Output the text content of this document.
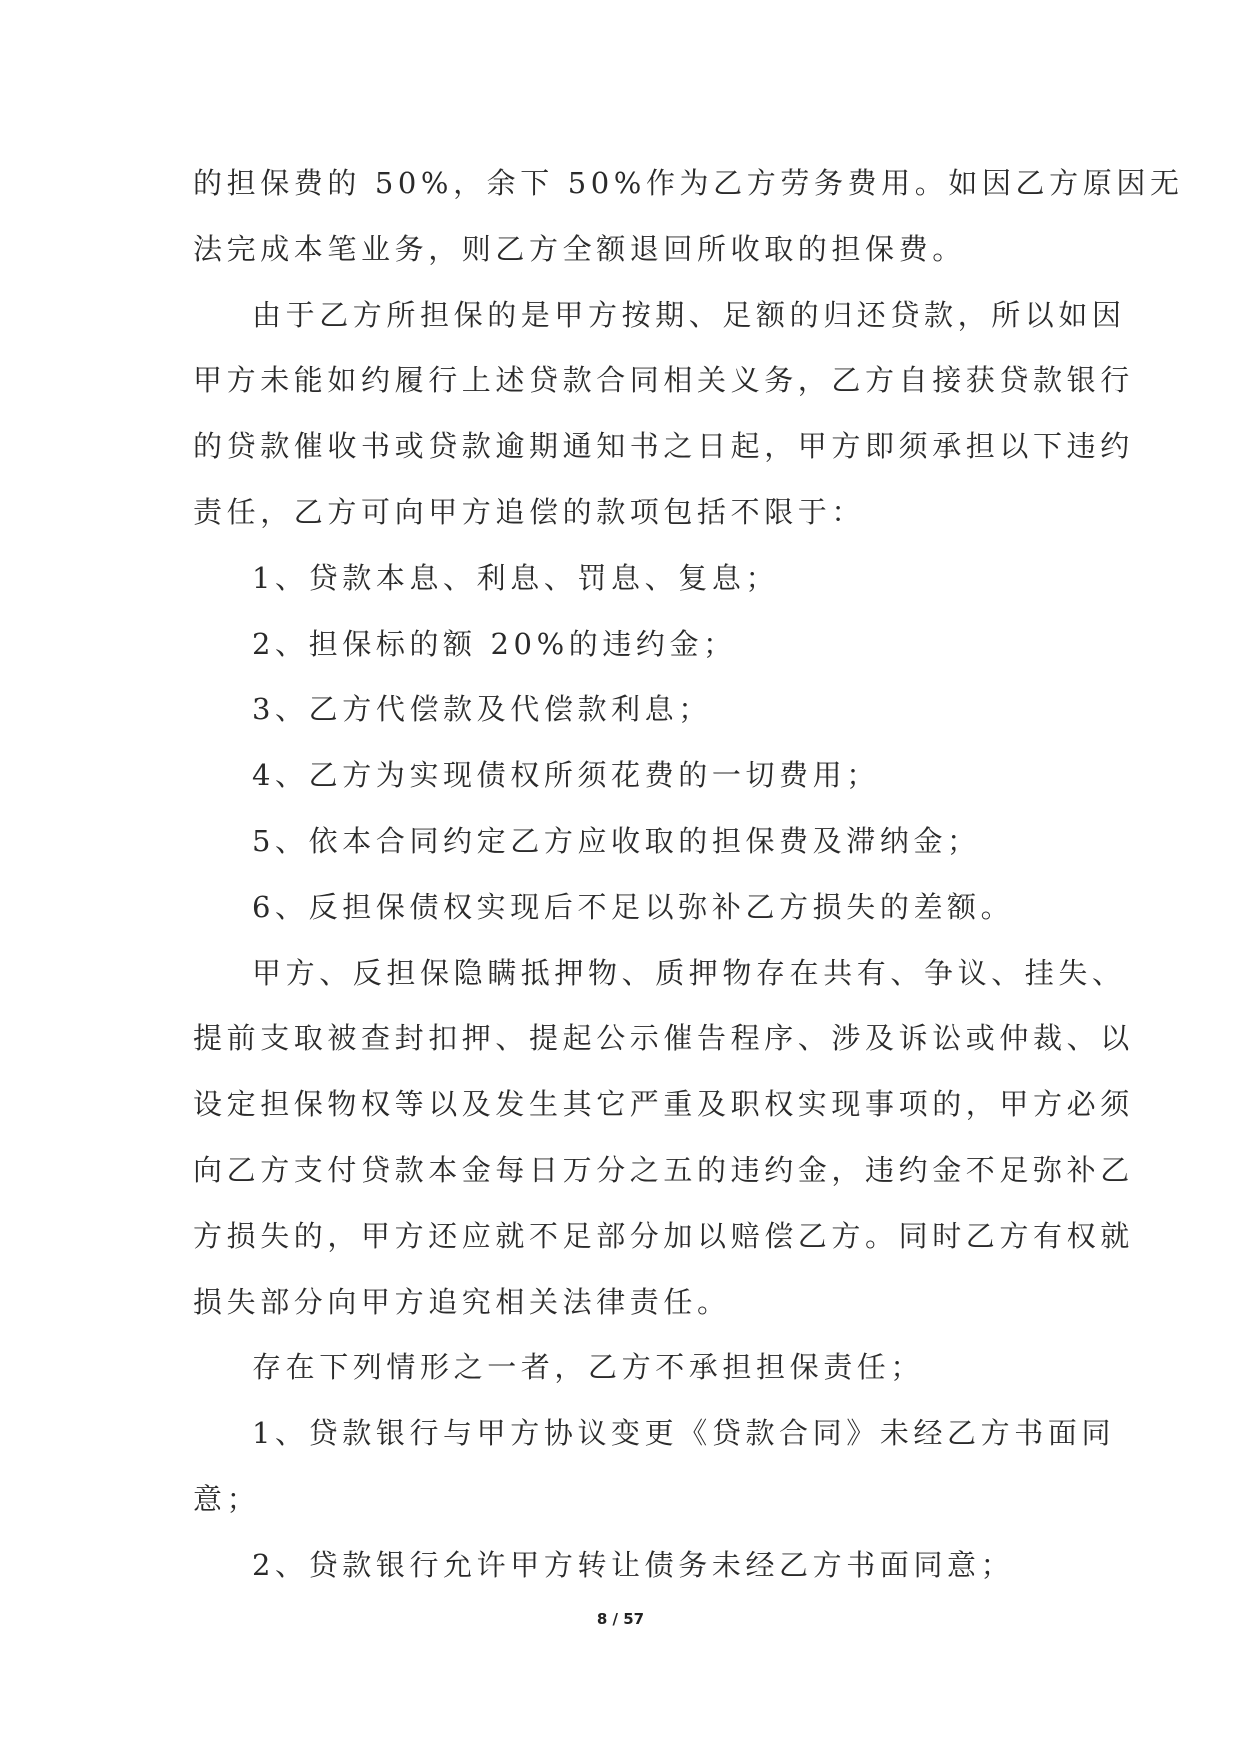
的担保费的 50%，余下 50%作为乙方劳务费用。如因乙方原因无
法完成本笔业务，则乙方全额退回所收取的担保费。
由于乙方所担保的是甲方按期、足额的归还贷款，所以如因
甲方未能如约履行上述贷款合同相关义务，乙方自接获贷款银行
的贷款催收书或贷款逾期通知书之日起，甲方即须承担以下违约
责任，乙方可向甲方追偿的款项包括不限于：
1、贷款本息、利息、罚息、复息；
2、担保标的额 20%的违约金；
3、乙方代偿款及代偿款利息；
4、乙方为实现债权所须花费的一切费用；
5、依本合同约定乙方应收取的担保费及滞纳金；
6、反担保债权实现后不足以弥补乙方损失的差额。
甲方、反担保隐瞒抵押物、质押物存在共有、争议、挂失、
提前支取被查封扣押、提起公示催告程序、涉及诉讼或仲裁、以
设定担保物权等以及发生其它严重及职权实现事项的，甲方必须
向乙方支付贷款本金每日万分之五的违约金，违约金不足弥补乙
方损失的，甲方还应就不足部分加以赔偿乙方。同时乙方有权就
损失部分向甲方追究相关法律责任。
存在下列情形之一者，乙方不承担担保责任；
1、贷款银行与甲方协议变更《贷款合同》未经乙方书面同
意；
2、贷款银行允许甲方转让债务未经乙方书面同意；
8 / 57
